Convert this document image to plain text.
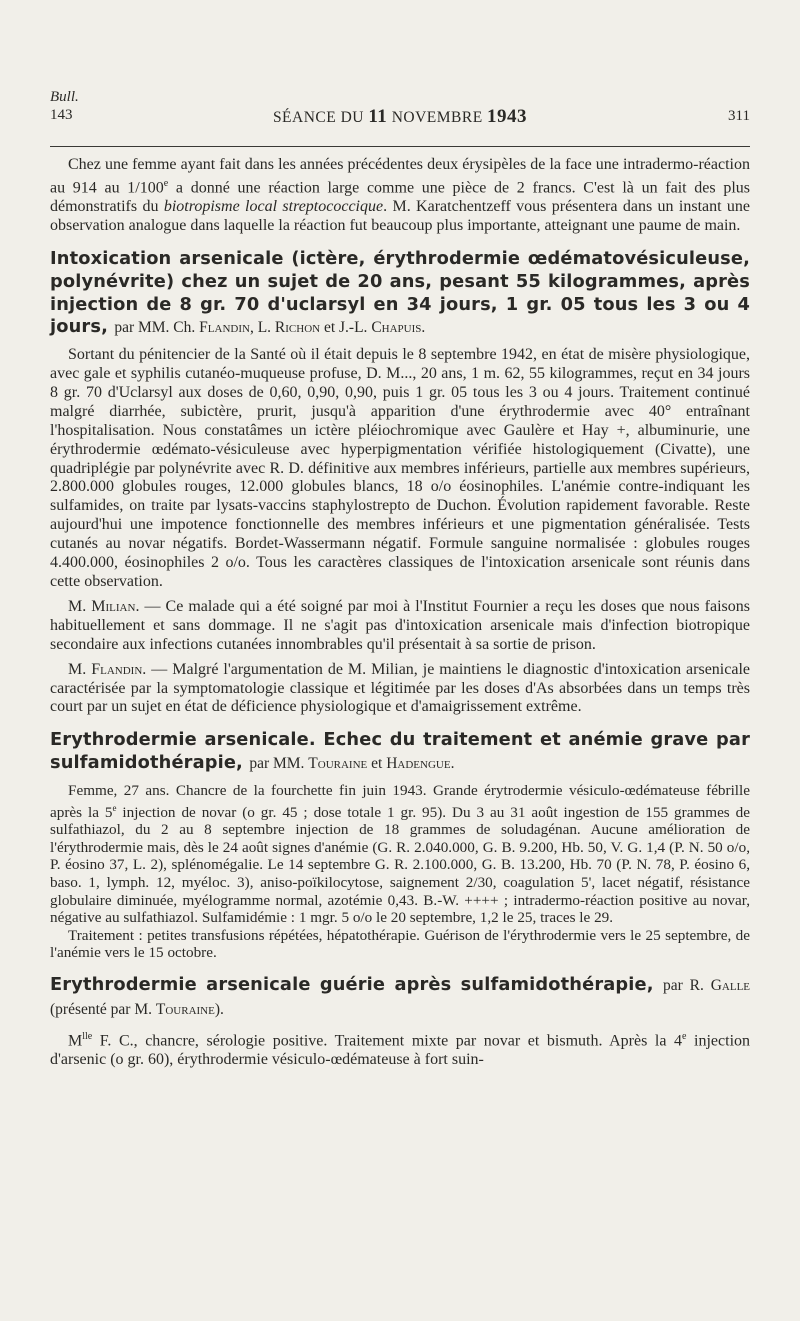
Bull.
143	SÉANCE DU 11 NOVEMBRE 1943	311

Chez une femme ayant fait dans les années précédentes deux érysipèles de la face une intradermo-réaction au 914 au 1/100e a donné une réaction large comme une pièce de 2 francs. C'est là un fait des plus démonstratifs du biotropisme local streptococcique. M. Karatchentzeff vous présentera dans un instant une observation analogue dans laquelle la réaction fut beaucoup plus importante, atteignant une paume de main.

Intoxication arsenicale (ictère, érythrodermie œdématovésiculeuse, polynévrite) chez un sujet de 20 ans, pesant 55 kilogrammes, après injection de 8 gr. 70 d'uclarsyl en 34 jours, 1 gr. 05 tous les 3 ou 4 jours, par MM. Ch. Flandin, L. Richon et J.-L. Chapuis.

Sortant du pénitencier de la Santé où il était depuis le 8 septembre 1942, en état de misère physiologique, avec gale et syphilis cutanéo-muqueuse profuse, D. M..., 20 ans, 1 m. 62, 55 kilogrammes, reçut en 34 jours 8 gr. 70 d'Uclarsyl aux doses de 0,60, 0,90, 0,90, puis 1 gr. 05 tous les 3 ou 4 jours. Traitement continué malgré diarrhée, subictère, prurit, jusqu'à apparition d'une érythrodermie avec 40° entraînant l'hospitalisation. Nous constatâmes un ictère pléiochromique avec Gaulère et Hay +, albuminurie, une érythrodermie œdémato-vésiculeuse avec hyperpigmentation vérifiée histologiquement (Civatte), une quadriplégie par polynévrite avec R. D. définitive aux membres inférieurs, partielle aux membres supérieurs, 2.800.000 globules rouges, 12.000 globules blancs, 18 o/o éosinophiles. L'anémie contre-indiquant les sulfamides, on traite par lysats-vaccins staphylostrepto de Duchon. Évolution rapidement favorable. Reste aujourd'hui une impotence fonctionnelle des membres inférieurs et une pigmentation généralisée. Tests cutanés au novar négatifs. Bordet-Wassermann négatif. Formule sanguine normalisée : globules rouges 4.400.000, éosinophiles 2 o/o. Tous les caractères classiques de l'intoxication arsenicale sont réunis dans cette observation.

M. Milian. — Ce malade qui a été soigné par moi à l'Institut Fournier a reçu les doses que nous faisons habituellement et sans dommage. Il ne s'agit pas d'intoxication arsenicale mais d'infection biotropique secondaire aux infections cutanées innombrables qu'il présentait à sa sortie de prison.

M. Flandin. — Malgré l'argumentation de M. Milian, je maintiens le diagnostic d'intoxication arsenicale caractérisée par la symptomatologie classique et légitimée par les doses d'As absorbées dans un temps très court par un sujet en état de déficience physiologique et d'amaigrissement extrême.

Erythrodermie arsenicale. Echec du traitement et anémie grave par sulfamidothérapie, par MM. Touraine et Hadengue.

Femme, 27 ans. Chancre de la fourchette fin juin 1943. Grande érytrodermie vésiculo-œdémateuse fébrille après la 5e injection de novar (o gr. 45 ; dose totale 1 gr. 95). Du 3 au 31 août ingestion de 155 grammes de sulfathiazol, du 2 au 8 septembre injection de 18 grammes de soludagénan. Aucune amélioration de l'érythrodermie mais, dès le 24 août signes d'anémie (G. R. 2.040.000, G. B. 9.200, Hb. 50, V. G. 1,4 (P. N. 50 o/o, P. éosino 37, L. 2), splénomégalie. Le 14 septembre G. R. 2.100.000, G. B. 13.200, Hb. 70 (P. N. 78, P. éosino 6, baso. 1, lymph. 12, myéloc. 3), aniso-poïkilocytose, saignement 2/30, coagulation 5', lacet négatif, résistance globulaire diminuée, myélogramme normal, azotémie 0,43. B.-W. ++++ ; intradermo-réaction positive au novar, négative au sulfathiazol. Sulfamidémie : 1 mgr. 5 o/o le 20 septembre, 1,2 le 25, traces le 29.

Traitement : petites transfusions répétées, hépatothérapie. Guérison de l'érythrodermie vers le 25 septembre, de l'anémie vers le 15 octobre.

Erythrodermie arsenicale guérie après sulfamidothérapie, par R. Galle (présenté par M. Touraine).

$M^{lle}$ F. C., chancre, sérologie positive. Traitement mixte par novar et bismuth. Après la 4e injection d'arsenic (o gr. 60), érythrodermie vésiculo-œdémateuse à fort suin-
